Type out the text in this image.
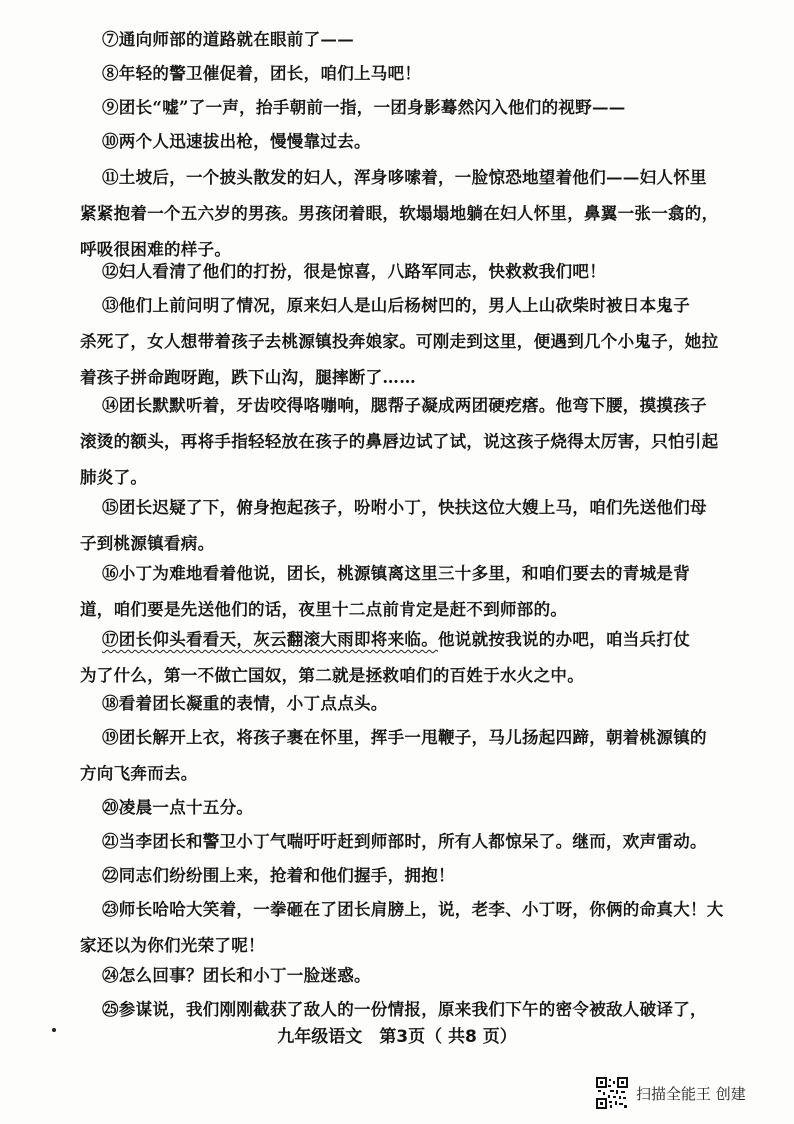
⑦通向师部的道路就在眼前了——
⑧年轻的警卫催促着，团长，咱们上马吧！
⑨团长“嘘”了一声，抬手朝前一指，一团身影蓦然闪入他们的视野——
⑩两个人迅速拔出枪，慢慢靠过去。
⑪土坡后，一个披头散发的妇人，浑身哆嗦着，一脸惊恐地望着他们——妇人怀里
紧紧抱着一个五六岁的男孩。男孩闭着眼，软塌塌地躺在妇人怀里，鼻翼一张一翕的，
呼吸很困难的样子。
⑫妇人看清了他们的打扮，很是惊喜，八路军同志，快救救我们吧！
⑬他们上前问明了情况，原来妇人是山后杨树凹的，男人上山砍柴时被日本鬼子
杀死了，女人想带着孩子去桃源镇投奔娘家。可刚走到这里，便遇到几个小鬼子，她拉
着孩子拼命跑呀跑，跌下山沟，腿摔断了……
⑭团长默默听着，牙齿咬得咯嘣响，腮帮子凝成两团硬疙瘩。他弯下腰，摸摸孩子
滚烫的额头，再将手指轻轻放在孩子的鼻唇边试了试，说这孩子烧得太厉害，只怕引起
肺炎了。
⑮团长迟疑了下，俯身抱起孩子，吩咐小丁，快扶这位大嫂上马，咱们先送他们母
子到桃源镇看病。
⑯小丁为难地看着他说，团长，桃源镇离这里三十多里，和咱们要去的青城是背
道，咱们要是先送他们的话，夜里十二点前肯定是赶不到师部的。
⑰团长仰头看看天，灰云翻滚大雨即将来临。他说就按我说的办吧，咱当兵打仗
为了什么，第一不做亡国奴，第二就是拯救咱们的百姓于水火之中。
⑱看着团长凝重的表情，小丁点点头。
⑲团长解开上衣，将孩子裹在怀里，挥手一甩鞭子，马儿扬起四蹄，朝着桃源镇的
方向飞奔而去。
⑳凌晨一点十五分。
㉑当李团长和警卫小丁气喘吁吁赶到师部时，所有人都惊呆了。继而，欢声雷动。
㉒同志们纷纷围上来，抢着和他们握手，拥抱！
㉓师长哈哈大笑着，一拳砸在了团长肩膀上，说，老李、小丁呀，你俩的命真大！大
家还以为你们光荣了呢！
㉔怎么回事？团长和小丁一脸迷惑。
㉕参谋说，我们刚刚截获了敌人的一份情报，原来我们下午的密令被敌人破译了，
九年级语文　第3页（ 共8 页）
扫描全能王 创建
